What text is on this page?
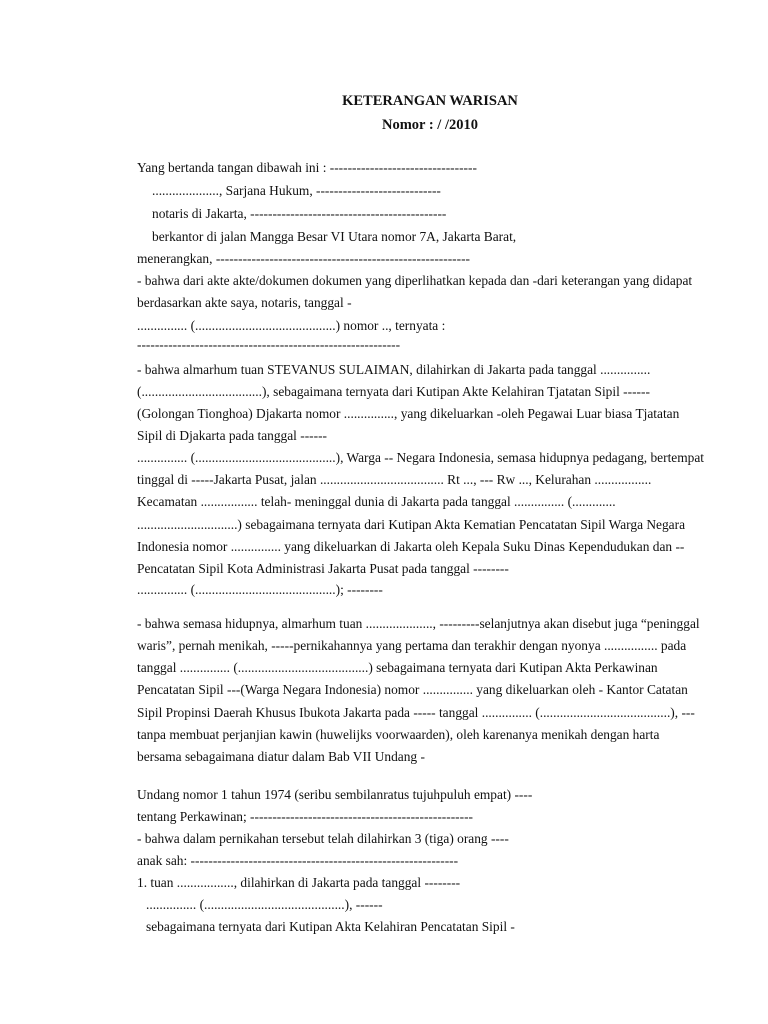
KETERANGAN WARISAN
Nomor : / /2010
Yang bertanda tangan dibawah ini : ---------------------------------
...................., Sarjana Hukum, ----------------------------
notaris di Jakarta, --------------------------------------------
berkantor di jalan Mangga Besar VI Utara nomor 7A, Jakarta Barat,
menerangkan, ---------------------------------------------------------
- bahwa dari akte akte/dokumen dokumen yang diperlihatkan kepada dan -dari keterangan yang didapat
berdasarkan akte saya, notaris, tanggal -
............... (..........................................) nomor .., ternyata :
-----------------------------------------------------------
- bahwa almarhum tuan STEVANUS SULAIMAN, dilahirkan di Jakarta pada tanggal ...............
(....................................), sebagaimana ternyata dari Kutipan Akte Kelahiran Tjatatan Sipil ------
(Golongan Tionghoa) Djakarta nomor ..............., yang dikeluarkan -oleh Pegawai Luar biasa Tjatatan
Sipil di Djakarta pada tanggal ------
............... (..........................................), Warga -- Negara Indonesia, semasa hidupnya pedagang, bertempat
tinggal di -----Jakarta Pusat, jalan ..................................... Rt ..., --- Rw ..., Kelurahan .................
Kecamatan ................. telah- meninggal dunia di Jakarta pada tanggal ............... (.............
..............................) sebagaimana ternyata dari Kutipan Akta Kematian Pencatatan Sipil Warga Negara
Indonesia nomor ............... yang dikeluarkan di Jakarta oleh Kepala Suku Dinas Kependudukan dan --
Pencatatan Sipil Kota Administrasi Jakarta Pusat pada tanggal --------
............... (..........................................); --------
- bahwa semasa hidupnya, almarhum tuan ...................., ---------selanjutnya akan disebut juga “peninggal
waris”, pernah menikah, -----pernikahannya yang pertama dan terakhir dengan nyonya ................ pada
tanggal ............... (.......................................) sebagaimana ternyata dari Kutipan Akta Perkawinan
Pencatatan Sipil ---(Warga Negara Indonesia) nomor ............... yang dikeluarkan oleh - Kantor Catatan
Sipil Propinsi Daerah Khusus Ibukota Jakarta pada ----- tanggal ............... (.......................................), ---
tanpa membuat perjanjian kawin (huwelijks voorwaarden), oleh karenanya menikah dengan harta
bersama sebagaimana diatur dalam Bab VII Undang -
Undang nomor 1 tahun 1974 (seribu sembilanratus tujuhpuluh empat) ----
tentang Perkawinan; --------------------------------------------------
- bahwa dalam pernikahan tersebut telah dilahirkan 3 (tiga) orang ----
anak sah: ------------------------------------------------------------
1. tuan ................., dilahirkan di Jakarta pada tanggal --------
............... (..........................................), ------
sebagaimana ternyata dari Kutipan Akta Kelahiran Pencatatan Sipil -
